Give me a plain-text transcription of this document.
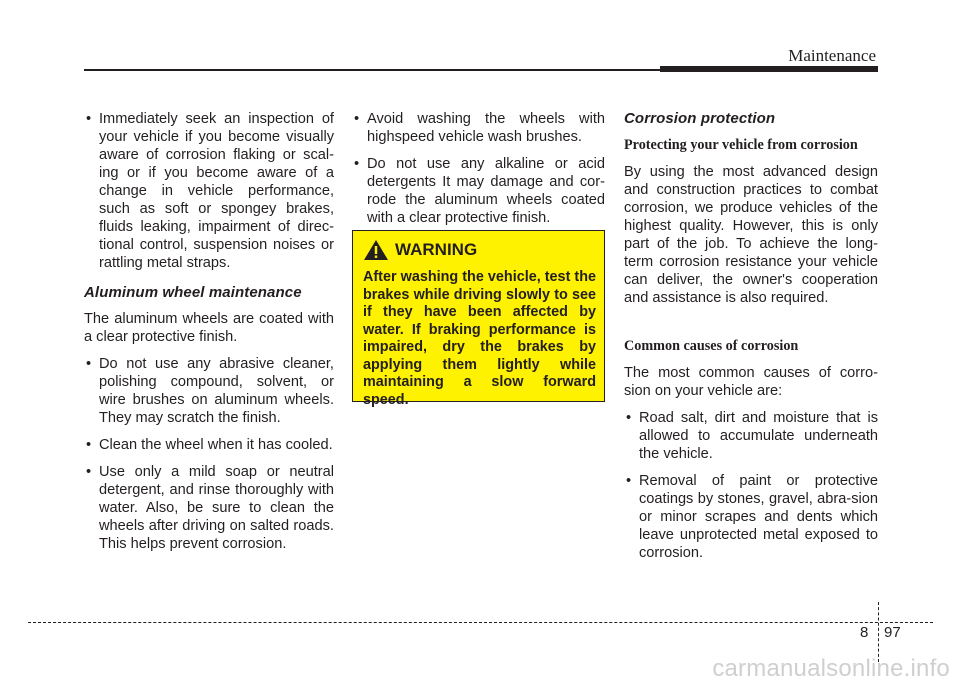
Maintenance
• Immediately seek an inspection of your vehicle if you become visually aware of corrosion flaking or scal-ing or if you become aware of a change in vehicle performance, such as soft or spongey brakes, fluids leaking, impairment of direc-tional control, suspension noises or rattling metal straps.
Aluminum wheel maintenance

The aluminum wheels are coated with a clear protective finish.

• Do not use any abrasive cleaner, polishing compound, solvent, or wire brushes on aluminum wheels. They may scratch the finish.
• Clean the wheel when it has cooled.
• Use only a mild soap or neutral detergent, and rinse thoroughly with water. Also, be sure to clean the wheels after driving on salted roads. This helps prevent corrosion.
• Avoid washing the wheels with highspeed vehicle wash brushes.
• Do not use any alkaline or acid detergents It may damage and cor-rode the aluminum wheels coated with a clear protective finish.
WARNING
After washing the vehicle, test the brakes while driving slowly to see if they have been affected by water. If braking performance is impaired, dry the brakes by applying them lightly while maintaining a slow forward speed.
Corrosion protection
Protecting your vehicle from corrosion

By using the most advanced design and construction practices to combat corrosion, we produce vehicles of the highest quality. However, this is only part of the job. To achieve the long-term corrosion resistance your vehicle can deliver, the owner's cooperation and assistance is also required.

Common causes of corrosion

The most common causes of corro-sion on your vehicle are:

• Road salt, dirt and moisture that is allowed to accumulate underneath the vehicle.
• Removal of paint or protective coatings by stones, gravel, abra-sion or minor scrapes and dents which leave unprotected metal exposed to corrosion.
8 97
carmanualsonline.info
